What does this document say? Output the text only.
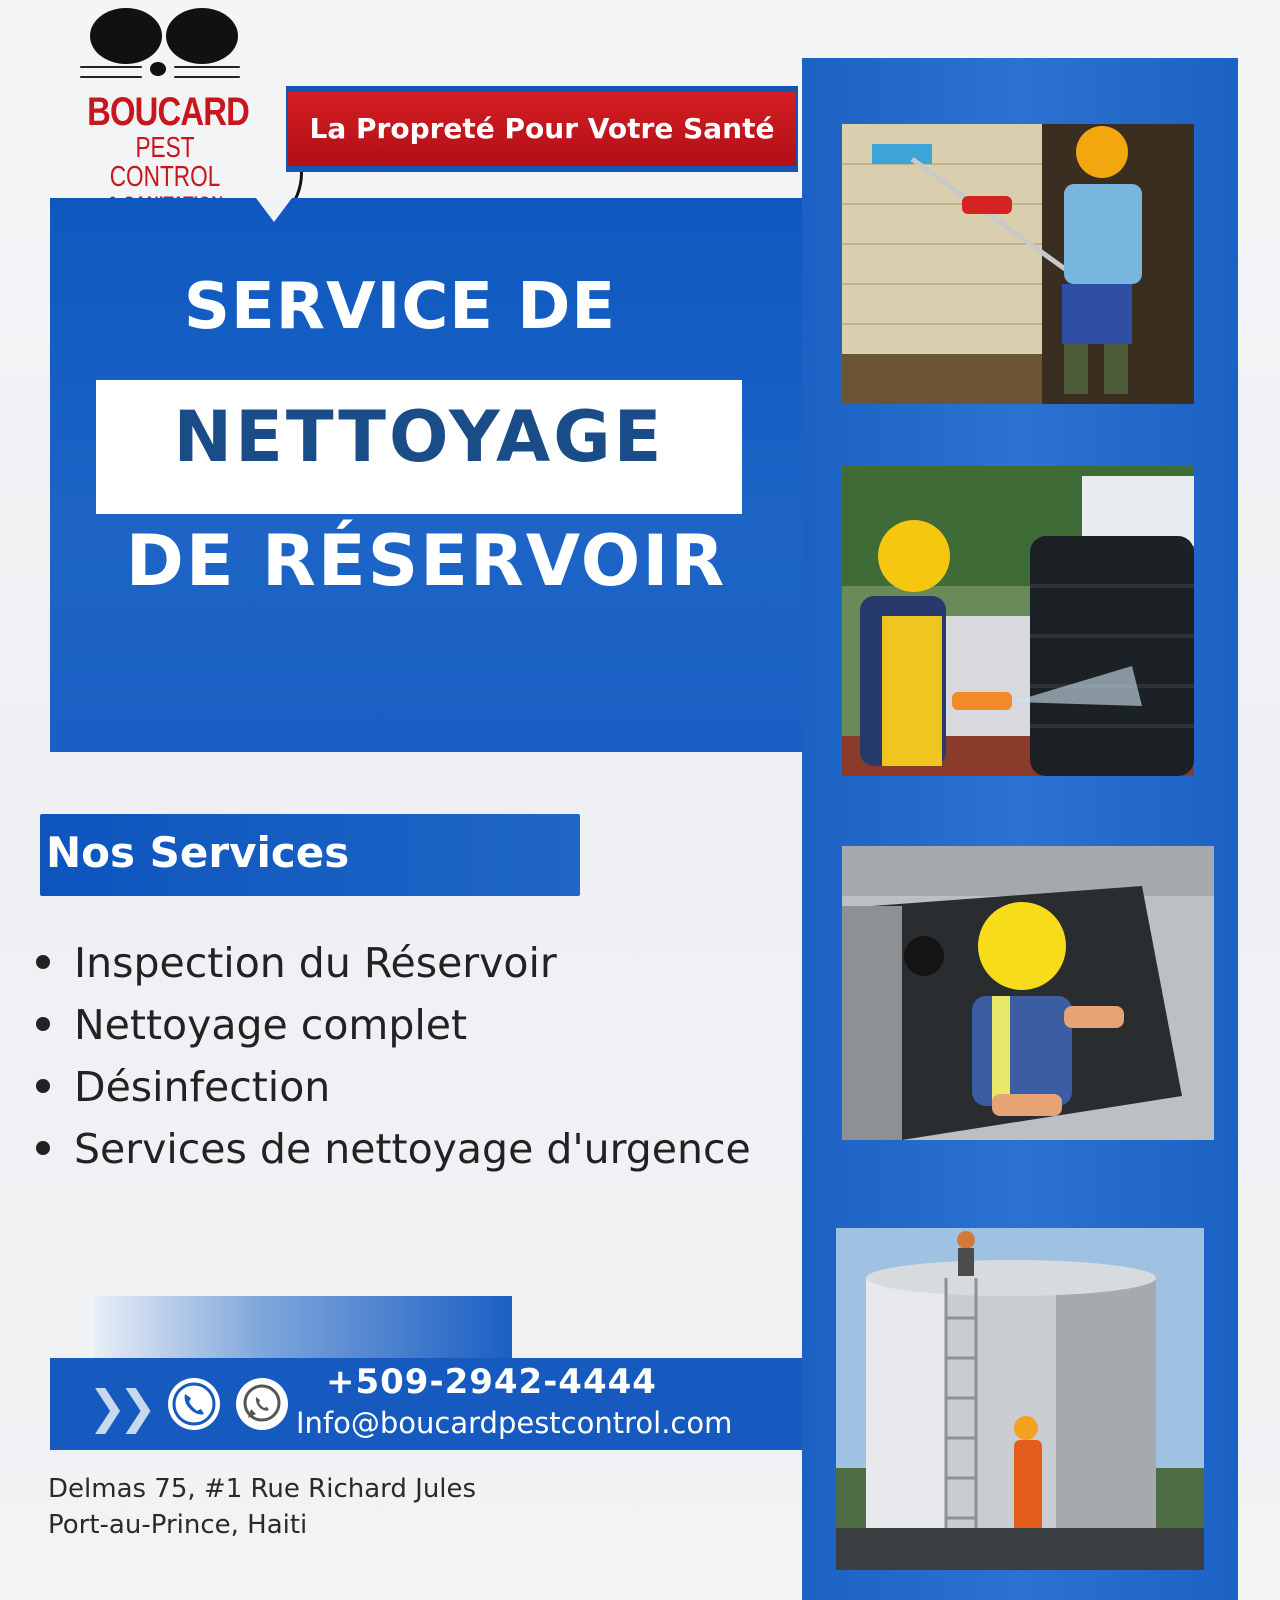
BOUCARD
PEST CONTROL
La Propreté Pour Votre Santé
SERVICE DE
NETTOYAGE
DE RÉSERVOIR
Nos Services
Inspection du Réservoir
Nettoyage complet
Désinfection
Services de nettoyage d'urgence
❯❯	+509-2942-4444
Info@boucardpestcontrol.com
Delmas 75, #1 Rue Richard Jules
Port-au-Prince, Haiti
